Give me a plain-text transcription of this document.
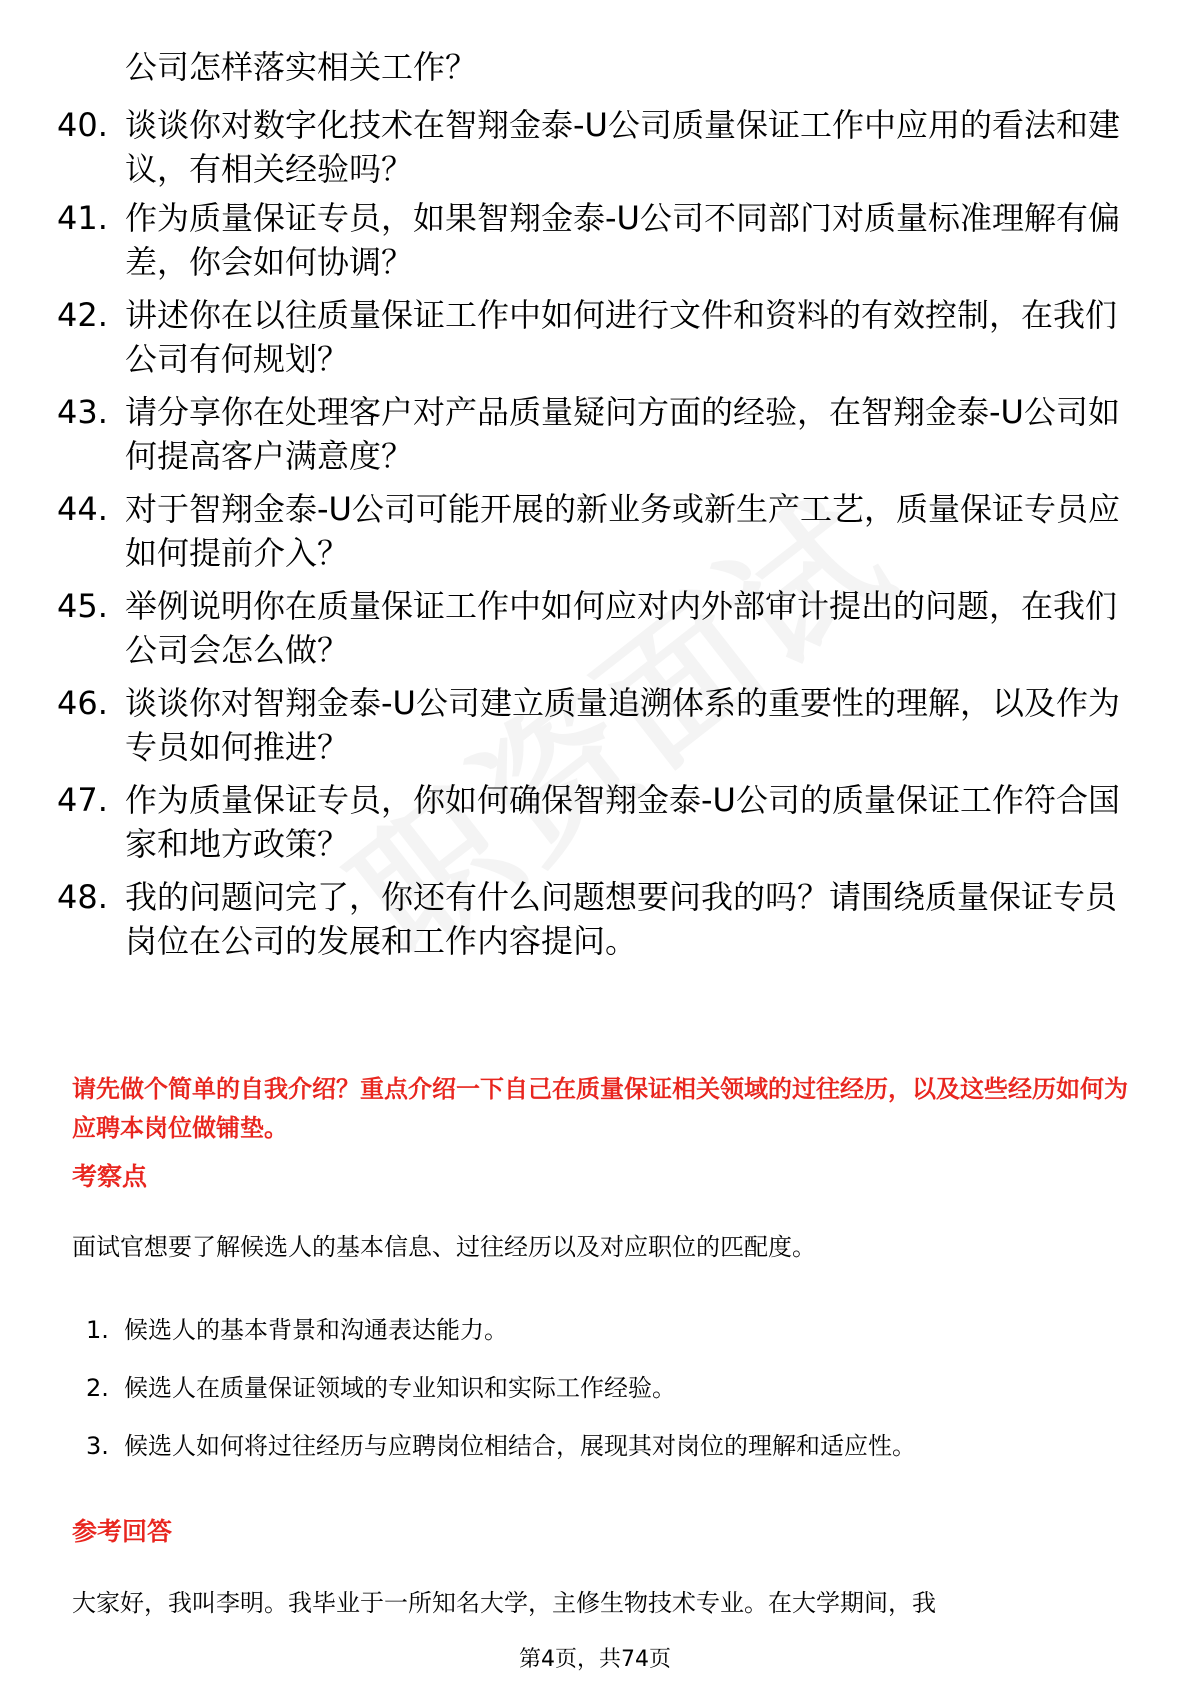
公司怎样落实相关工作？
40. 谈谈你对数字化技术在智翔金泰-U公司质量保证工作中应用的看法和建议，有相关经验吗？
41. 作为质量保证专员，如果智翔金泰-U公司不同部门对质量标准理解有偏差，你会如何协调？
42. 讲述你在以往质量保证工作中如何进行文件和资料的有效控制，在我们公司有何规划？
43. 请分享你在处理客户对产品质量疑问方面的经验，在智翔金泰-U公司如何提高客户满意度？
44. 对于智翔金泰-U公司可能开展的新业务或新生产工艺，质量保证专员应如何提前介入？
45. 举例说明你在质量保证工作中如何应对内外部审计提出的问题，在我们公司会怎么做？
46. 谈谈你对智翔金泰-U公司建立质量追溯体系的重要性的理解，以及作为专员如何推进？
47. 作为质量保证专员，你如何确保智翔金泰-U公司的质量保证工作符合国家和地方政策？
48. 我的问题问完了，你还有什么问题想要问我的吗？请围绕质量保证专员岗位在公司的发展和工作内容提问。
请先做个简单的自我介绍？重点介绍一下自己在质量保证相关领域的过往经历，以及这些经历如何为应聘本岗位做铺垫。
考察点
面试官想要了解候选人的基本信息、过往经历以及对应职位的匹配度。
1. 候选人的基本背景和沟通表达能力。
2. 候选人在质量保证领域的专业知识和实际工作经验。
3. 候选人如何将过往经历与应聘岗位相结合，展现其对岗位的理解和适应性。
参考回答
大家好，我叫李明。我毕业于一所知名大学，主修生物技术专业。在大学期间，我
第4页，共74页
